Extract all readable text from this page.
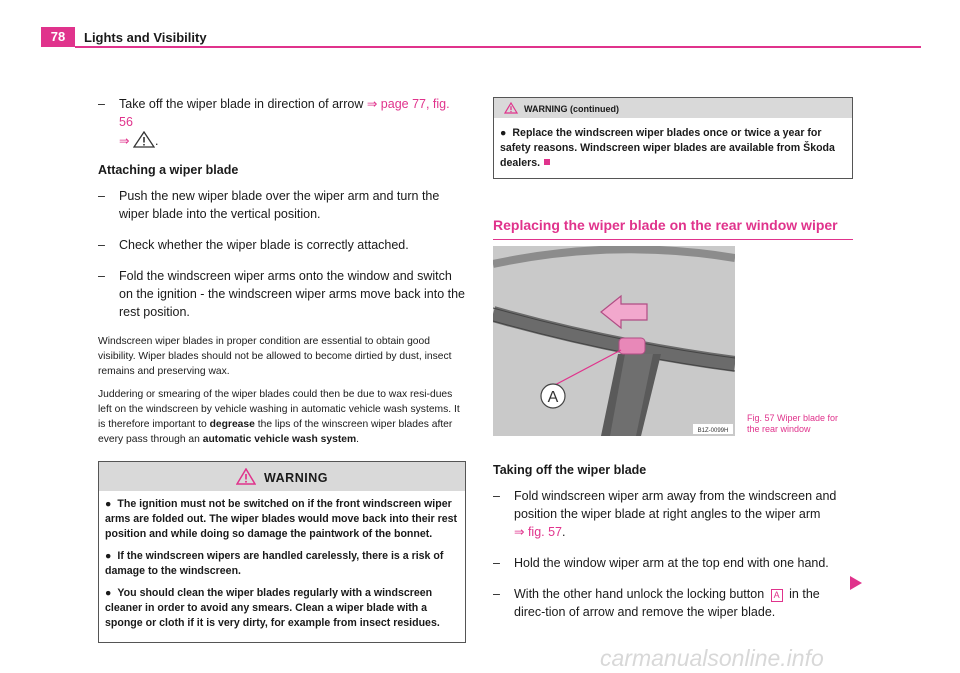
78	Lights and Visibility
– Take off the wiper blade in direction of arrow ⇒ page 77, fig. 56
⇒ .
Attaching a wiper blade
– Push the new wiper blade over the wiper arm and turn the wiper blade into the vertical position.
– Check whether the wiper blade is correctly attached.
– Fold the windscreen wiper arms onto the window and switch on the ignition - the windscreen wiper arms move back into the rest position.

Windscreen wiper blades in proper condition are essential to obtain good visibility. Wiper blades should not be allowed to become dirtied by dust, insect remains and preserving wax.

Juddering or smearing of the wiper blades could then be due to wax resi-dues left on the windscreen by vehicle washing in automatic vehicle wash systems. It is therefore important to degrease the lips of the winscreen wiper blades after every pass through an automatic vehicle wash system.

WARNING

● The ignition must not be switched on if the front windscreen wiper arms are folded out. The wiper blades would move back into their rest position and while doing so damage the paintwork of the bonnet.

● If the windscreen wipers are handled carelessly, there is a risk of damage to the windscreen.

● You should clean the wiper blades regularly with a windscreen cleaner in order to avoid any smears. Clean a wiper blade with a sponge or cloth if it is very dirty, for example from insect residues.

WARNING (continued)

● Replace the windscreen wiper blades once or twice a year for safety reasons. Windscreen wiper blades are available from Škoda dealers.

Replacing the wiper blade on the rear window wiper
A
B1Z-0099H
Fig. 57 Wiper blade for
the rear window
Taking off the wiper blade
– Fold windscreen wiper arm away from the windscreen and position the wiper blade at right angles to the wiper arm
⇒ fig. 57.
– Hold the window wiper arm at the top end with one hand.
– With the other hand unlock the locking button A in the direc-tion of arrow and remove the wiper blade.
carmanualsonline.info
